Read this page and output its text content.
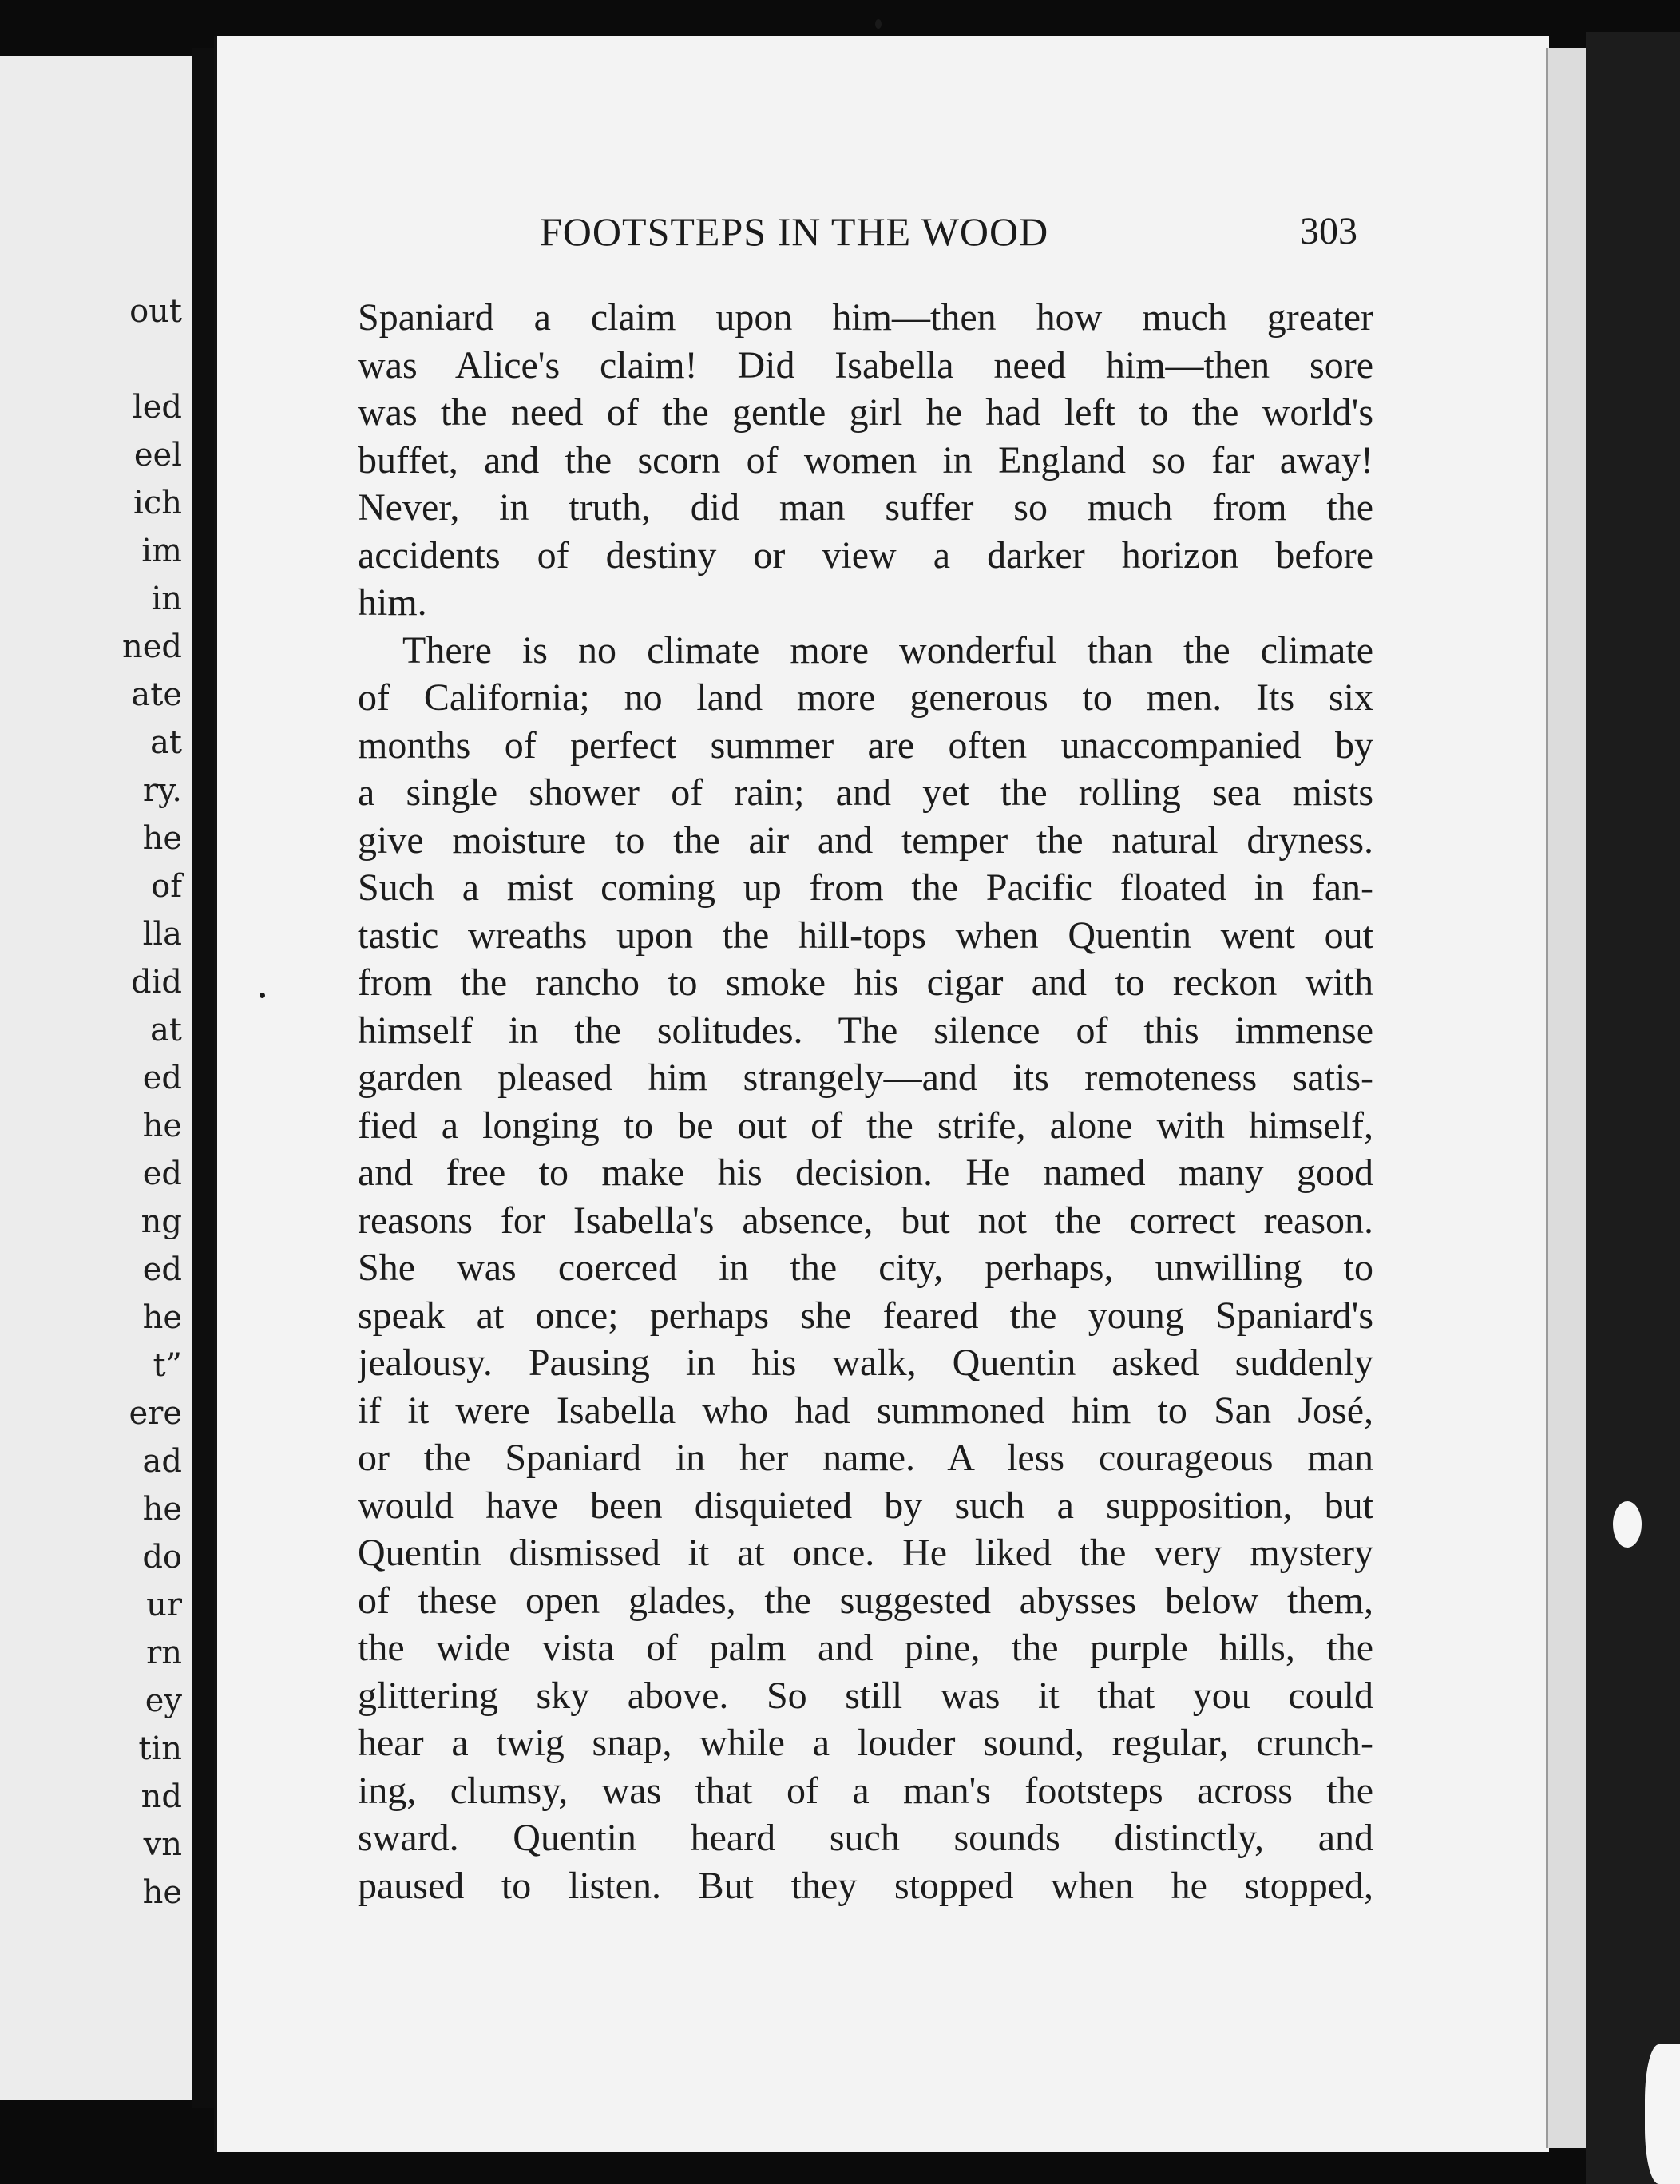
out
led
eel
ich
im
in
ned
ate
at
ry.
he
of
lla
did
at
ed
he
ed
ng
ed
he
t”
ere
ad
he
do
ur
rn
ey
tin
nd
vn
he
FOOTSTEPS IN THE WOOD	303
Spaniard a claim upon him—then how much greater
was Alice's claim! Did Isabella need him—then sore
was the need of the gentle girl he had left to the world's
buffet, and the scorn of women in England so far away!
Never, in truth, did man suffer so much from the
accidents of destiny or view a darker horizon before
him.
There is no climate more wonderful than the climate
of California; no land more generous to men. Its six
months of perfect summer are often unaccompanied by
a single shower of rain; and yet the rolling sea mists
give moisture to the air and temper the natural dryness.
Such a mist coming up from the Pacific floated in fan-
tastic wreaths upon the hill-tops when Quentin went out
from the rancho to smoke his cigar and to reckon with
himself in the solitudes. The silence of this immense
garden pleased him strangely—and its remoteness satis-
fied a longing to be out of the strife, alone with himself,
and free to make his decision. He named many good
reasons for Isabella's absence, but not the correct reason.
She was coerced in the city, perhaps, unwilling to
speak at once; perhaps she feared the young Spaniard's
jealousy. Pausing in his walk, Quentin asked suddenly
if it were Isabella who had summoned him to San José,
or the Spaniard in her name. A less courageous man
would have been disquieted by such a supposition, but
Quentin dismissed it at once. He liked the very mystery
of these open glades, the suggested abysses below them,
the wide vista of palm and pine, the purple hills, the
glittering sky above. So still was it that you could
hear a twig snap, while a louder sound, regular, crunch-
ing, clumsy, was that of a man's footsteps across the
sward. Quentin heard such sounds distinctly, and
paused to listen. But they stopped when he stopped,
